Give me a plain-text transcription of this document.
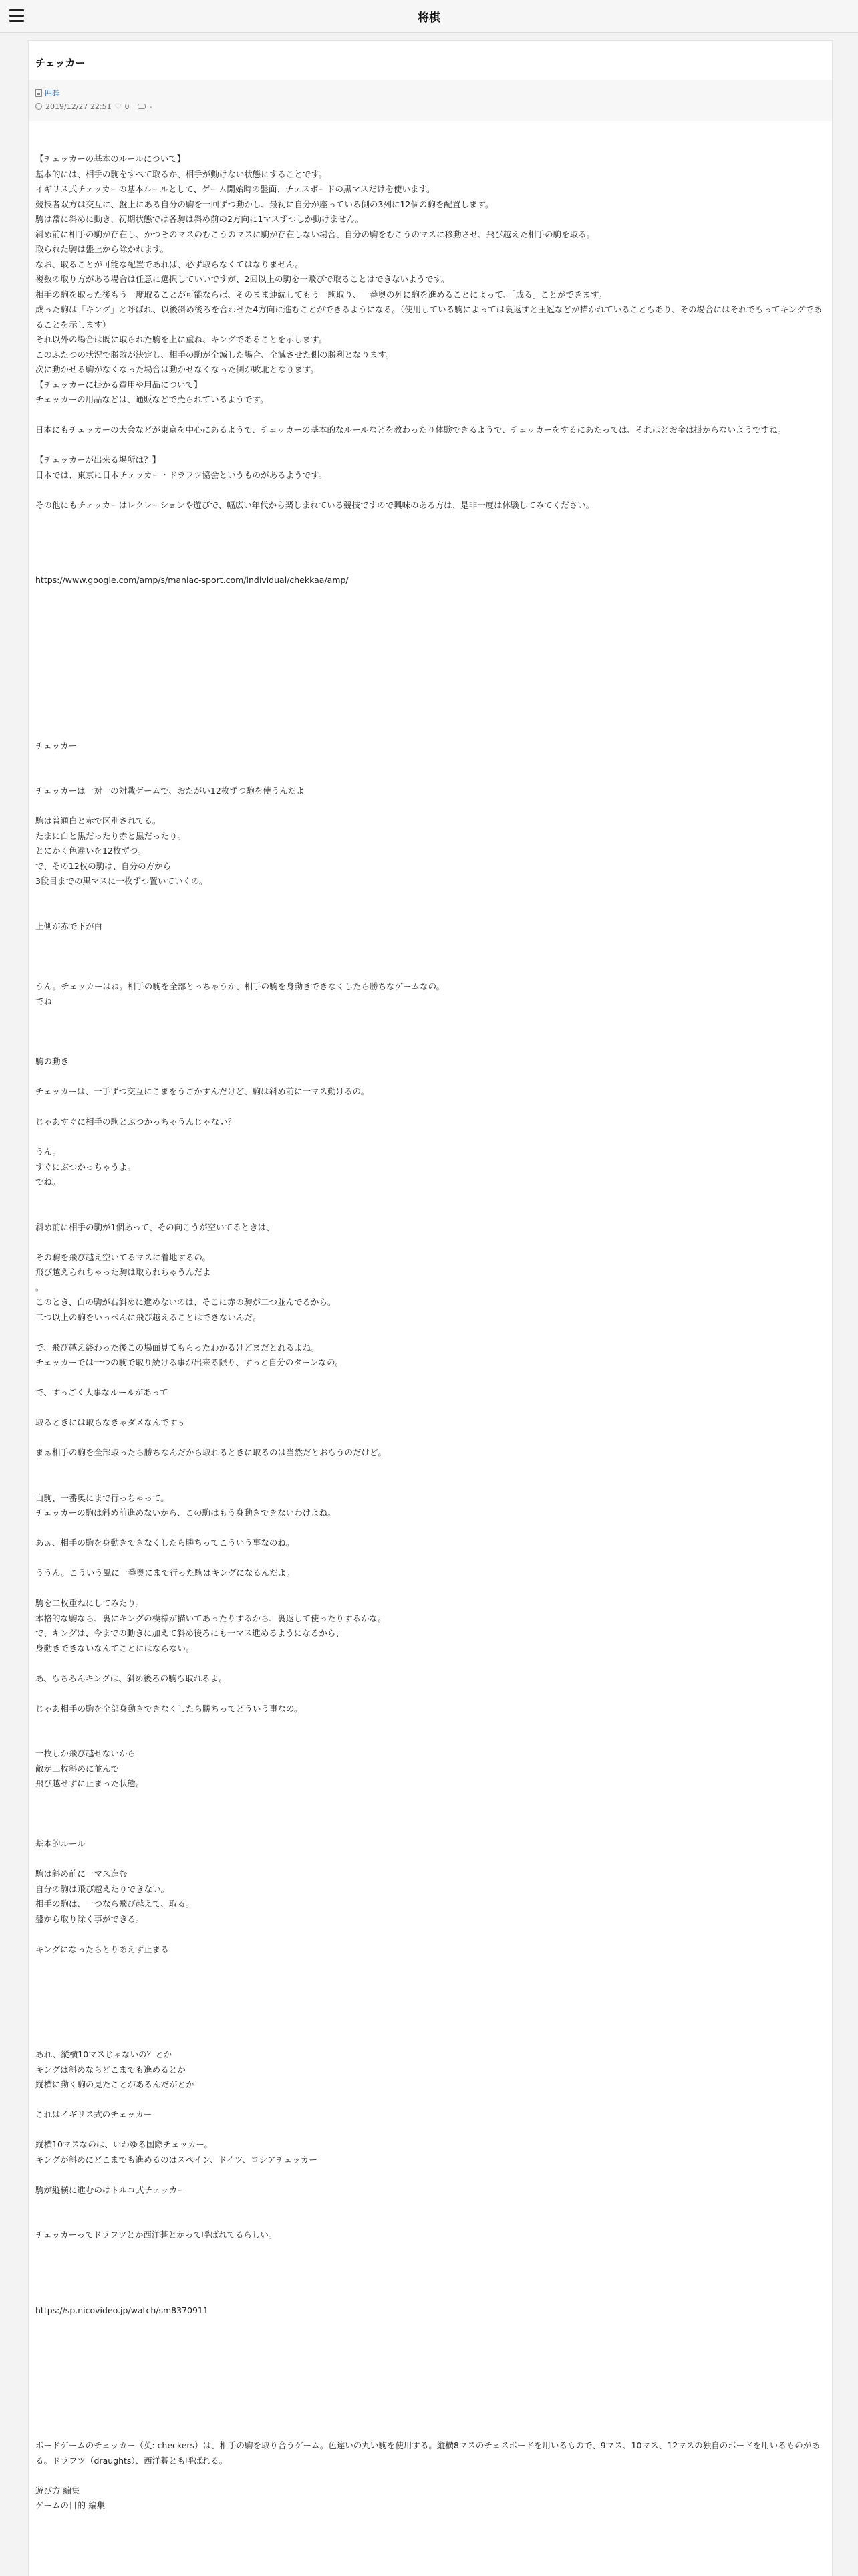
将棋
チェッカー
囲碁
2019/12/27 22:51 ♡ 0	-

【チェッカーの基本のルールについて】

基本的には、相手の駒をすべて取るか、相手が動けない状態にすることです。

イギリス式チェッカーの基本ルールとして、ゲーム開始時の盤面、チェスボードの黒マスだけを使います。

競技者双方は交互に、盤上にある自分の駒を一回ずつ動かし、最初に自分が座っている側の3列に12個の駒を配置します。

駒は常に斜めに動き、初期状態では各駒は斜め前の2方向に1マスずつしか動けません。

斜め前に相手の駒が存在し、かつそのマスのむこうのマスに駒が存在しない場合、自分の駒をむこうのマスに移動させ、飛び越えた相手の駒を取る。

取られた駒は盤上から除かれます。

なお、取ることが可能な配置であれば、必ず取らなくてはなりません。

複数の取り方がある場合は任意に選択していいですが、2回以上の駒を一飛びで取ることはできないようです。

相手の駒を取った後もう一度取ることが可能ならば、そのまま連続してもう一駒取り、一番奥の列に駒を進めることによって、「成る」ことができます。

成った駒は「キング」と呼ばれ、以後斜め後ろを合わせた4方向に進むことができるようになる。（使用している駒によっては裏返すと王冠などが描かれていることもあり、その場合にはそれでもってキングであることを示します）

それ以外の場合は既に取られた駒を上に重ね、キングであることを示します。

このふたつの状況で勝敗が決定し、相手の駒が全滅した場合、全滅させた側の勝利となります。

次に動かせる駒がなくなった場合は動かせなくなった側が敗北となります。

【チェッカーに掛かる費用や用品について】

チェッカーの用品などは、通販などで売られているようです。

日本にもチェッカーの大会などが東京を中心にあるようで、チェッカーの基本的なルールなどを教わったり体験できるようで、チェッカーをするにあたっては、それほどお金は掛からないようですね。

【チェッカーが出来る場所は？】

日本では、東京に日本チェッカー・ドラフツ協会というものがあるようです。

その他にもチェッカーはレクレーションや遊びで、幅広い年代から楽しまれている競技ですので興味のある方は、是非一度は体験してみてください。

https://www.google.com/amp/s/maniac-sport.com/individual/chekkaa/amp/

チェッカー

チェッカーは一対一の対戦ゲームで、おたがい12枚ずつ駒を使うんだよ

駒は普通白と赤で区別されてる。

たまに白と黒だったり赤と黒だったり。

とにかく色違いを12枚ずつ。

で、その12枚の駒は、自分の方から

3段目までの黒マスに一枚ずつ置いていくの。

上側が赤で下が白

うん。チェッカーはね。相手の駒を全部とっちゃうか、相手の駒を身動きできなくしたら勝ちなゲームなの。

でね

駒の動き

チェッカーは、一手ずつ交互にこまをうごかすんだけど、駒は斜め前に一マス動けるの。

じゃあすぐに相手の駒とぶつかっちゃうんじゃない？

うん。

すぐにぶつかっちゃうよ。

でね。

斜め前に相手の駒が1個あって、その向こうが空いてるときは、

その駒を飛び越え空いてるマスに着地するの。

飛び越えられちゃった駒は取られちゃうんだよ

。

このとき、白の駒が右斜めに進めないのは、そこに赤の駒が二つ並んでるから。

二つ以上の駒をいっぺんに飛び越えることはできないんだ。

で、飛び越え終わった後この場面見てもらったわかるけどまだとれるよね。

チェッカーでは一つの駒で取り続ける事が出来る限り、ずっと自分のターンなの。

で、すっごく大事なルールがあって

取るときには取らなきゃダメなんですぅ

まぁ相手の駒を全部取ったら勝ちなんだから取れるときに取るのは当然だとおもうのだけど。

白駒、一番奥にまで行っちゃって。

チェッカーの駒は斜め前進めないから、この駒はもう身動きできないわけよね。

あぁ、相手の駒を身動きできなくしたら勝ちってこういう事なのね。

ううん。こういう風に一番奥にまで行った駒はキングになるんだよ。

駒を二枚重ねにしてみたり。

本格的な駒なら、裏にキングの模様が描いてあったりするから、裏返して使ったりするかな。

で、キングは、今までの動きに加えて斜め後ろにも一マス進めるようになるから、

身動きできないなんてことにはならない。

あ、もちろんキングは、斜め後ろの駒も取れるよ。

じゃあ相手の駒を全部身動きできなくしたら勝ちってどういう事なの。

一枚しか飛び越せないから

敵が二枚斜めに並んで

飛び越せずに止まった状態。

基本的ルール

駒は斜め前に一マス進む

自分の駒は飛び越えたりできない。

相手の駒は、一つなら飛び越えて、取る。

盤から取り除く事ができる。

キングになったらとりあえず止まる

あれ、縦横10マスじゃないの？とか

キングは斜めならどこまでも進めるとか

縦横に動く駒の見たことがあるんだがとか

これはイギリス式のチェッカー

縦横10マスなのは、いわゆる国際チェッカー。

キングが斜めにどこまでも進めるのはスペイン、ドイツ、ロシアチェッカー

駒が縦横に進むのはトルコ式チェッカー

チェッカーってドラフツとか西洋碁とかって呼ばれてるらしい。

https://sp.nicovideo.jp/watch/sm8370911

ボードゲームのチェッカー（英: checkers）は、相手の駒を取り合うゲーム。色違いの丸い駒を使用する。縦横8マスのチェスボードを用いるもので、9マス、10マス、12マスの独自のボードを用いるものがある。ドラフツ（draughts）、西洋碁とも呼ばれる。

遊び方 編集

ゲームの目的 編集
